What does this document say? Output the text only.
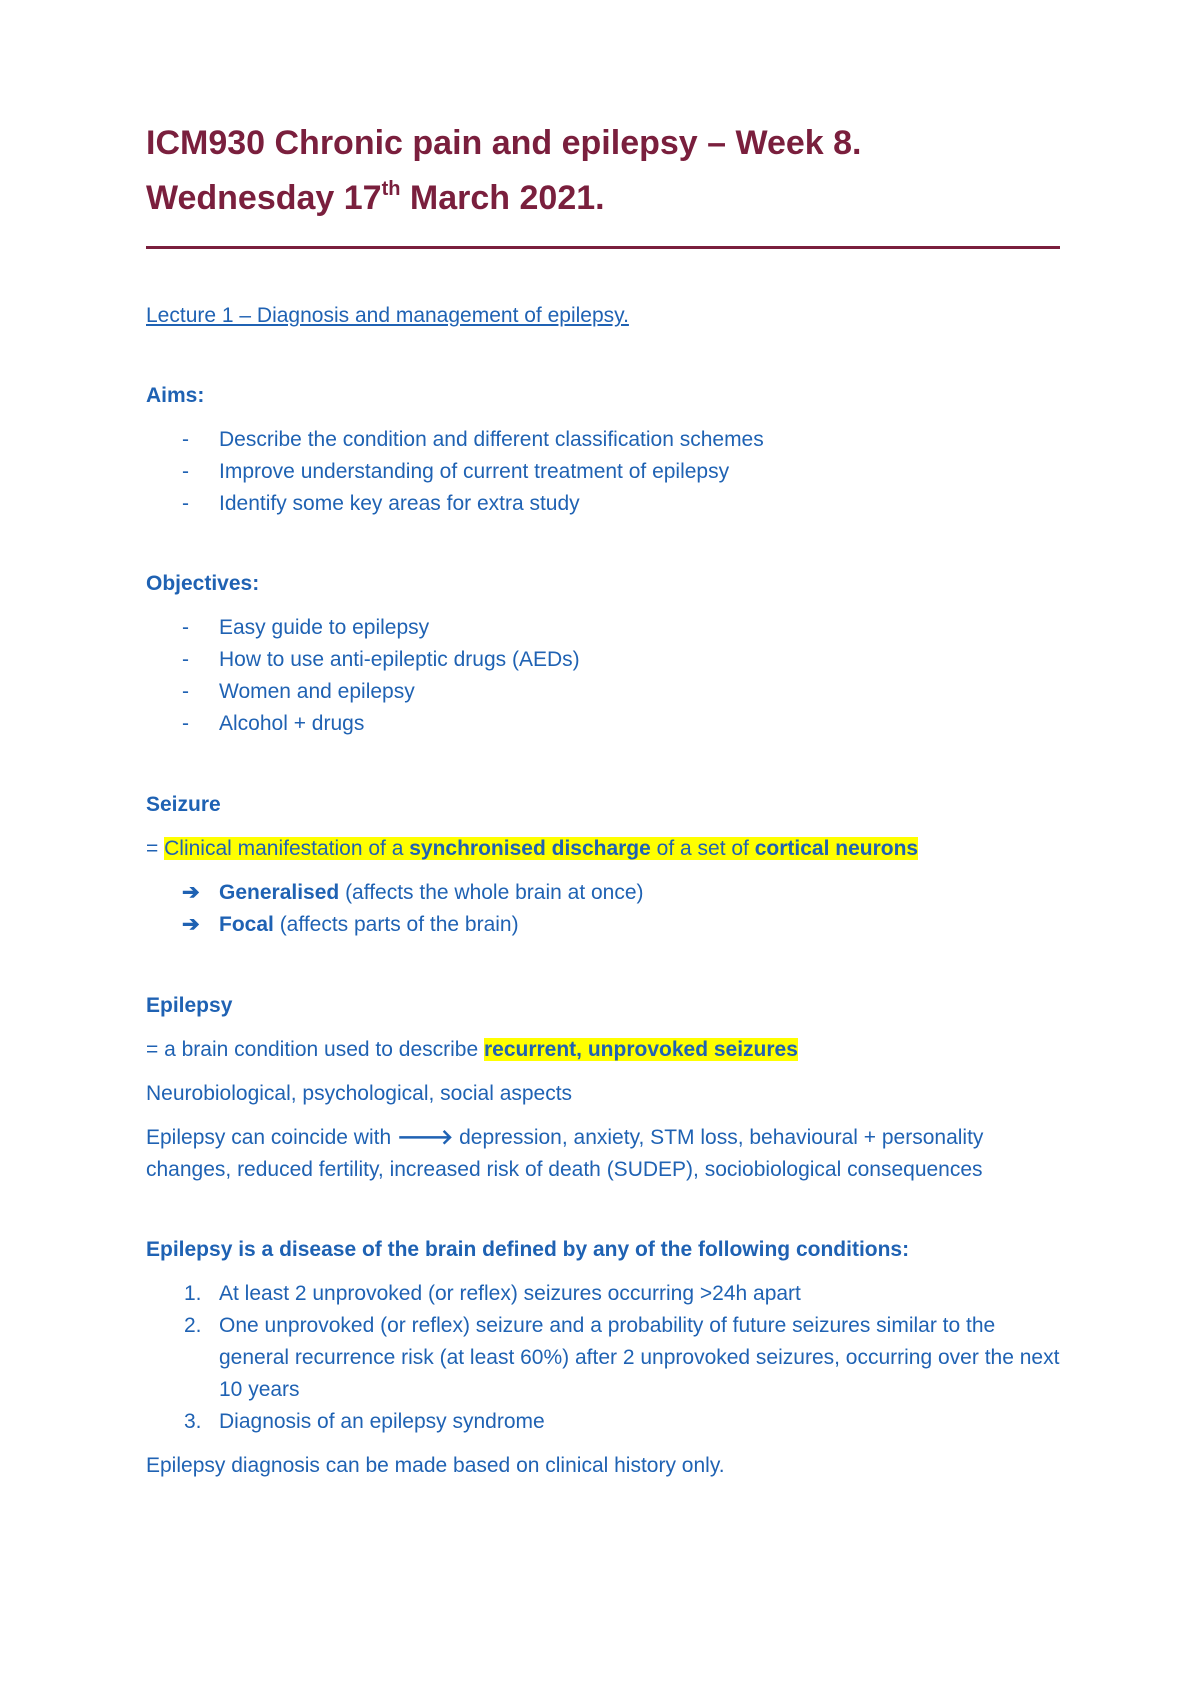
ICM930 Chronic pain and epilepsy – Week 8.
Wednesday 17th March 2021.

Lecture 1 – Diagnosis and management of epilepsy.

Aims:

- Describe the condition and different classification schemes
- Improve understanding of current treatment of epilepsy
- Identify some key areas for extra study

Objectives:

- Easy guide to epilepsy
- How to use anti-epileptic drugs (AEDs)
- Women and epilepsy
- Alcohol + drugs

Seizure

= Clinical manifestation of a synchronised discharge of a set of cortical neurons

➔ Generalised (affects the whole brain at once)
➔ Focal (affects parts of the brain)

Epilepsy

= a brain condition used to describe recurrent, unprovoked seizures

Neurobiological, psychological, social aspects

Epilepsy can coincide with 🡒 depression, anxiety, STM loss, behavioural + personality changes, reduced fertility, increased risk of death (SUDEP), sociobiological consequences

Epilepsy is a disease of the brain defined by any of the following conditions:

1. At least 2 unprovoked (or reflex) seizures occurring >24h apart
2. One unprovoked (or reflex) seizure and a probability of future seizures similar to the general recurrence risk (at least 60%) after 2 unprovoked seizures, occurring over the next 10 years
3. Diagnosis of an epilepsy syndrome

Epilepsy diagnosis can be made based on clinical history only.
